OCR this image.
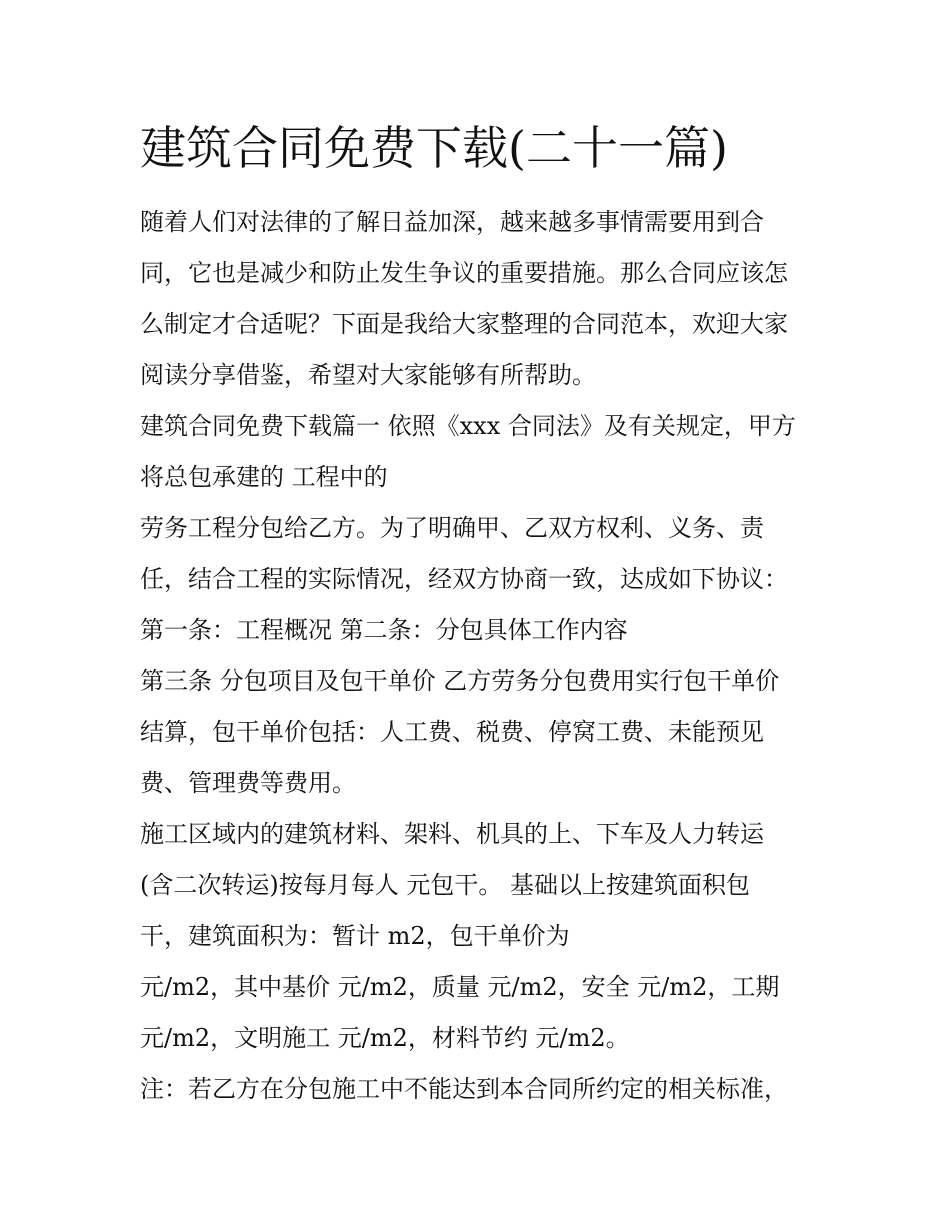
建筑合同免费下载(二十一篇)

随着人们对法律的了解日益加深，越来越多事情需要用到合

同，它也是减少和防止发生争议的重要措施。那么合同应该怎

么制定才合适呢？下面是我给大家整理的合同范本，欢迎大家

阅读分享借鉴，希望对大家能够有所帮助。

建筑合同免费下载篇一 依照《xxx 合同法》及有关规定，甲方

将总包承建的 工程中的

劳务工程分包给乙方。为了明确甲、乙双方权利、义务、责

任，结合工程的实际情况，经双方协商一致，达成如下协议：

第一条：工程概况 第二条：分包具体工作内容

第三条 分包项目及包干单价 乙方劳务分包费用实行包干单价

结算，包干单价包括：人工费、税费、停窝工费、未能预见

费、管理费等费用。

施工区域内的建筑材料、架料、机具的上、下车及人力转运

(含二次转运)按每月每人 元包干。 基础以上按建筑面积包

干，建筑面积为：暂计 m2，包干单价为

元/m2，其中基价 元/m2，质量 元/m2，安全 元/m2，工期

元/m2，文明施工 元/m2，材料节约 元/m2。

注：若乙方在分包施工中不能达到本合同所约定的相关标准，
